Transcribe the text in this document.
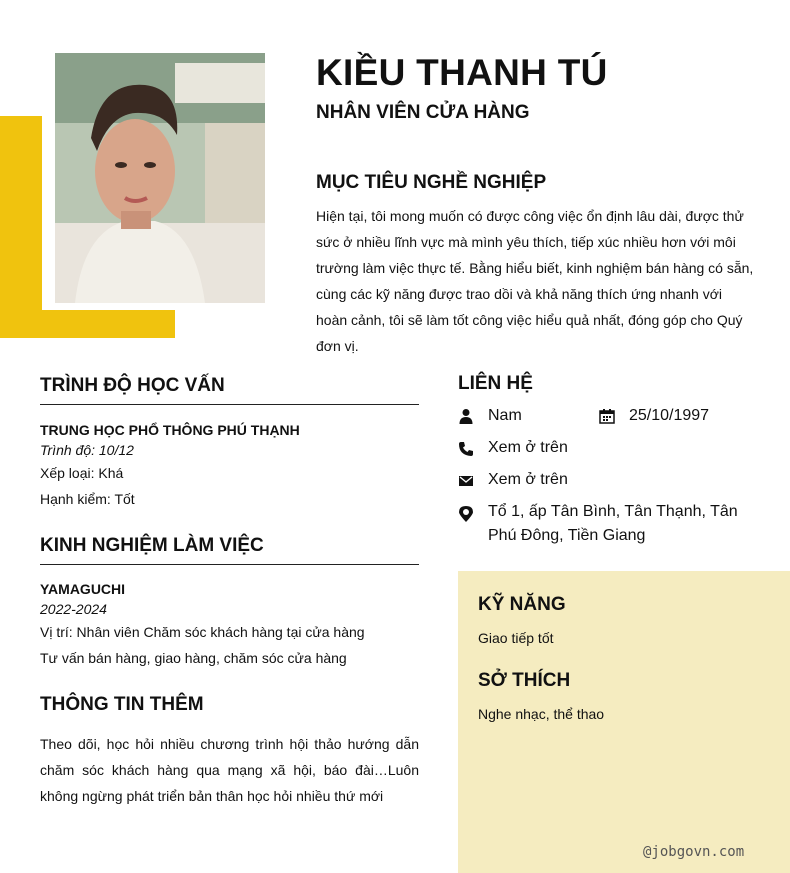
KIỀU THANH TÚ
NHÂN VIÊN CỬA HÀNG
MỤC TIÊU NGHỀ NGHIỆP

Hiện tại, tôi mong muốn có được công việc ổn định lâu dài, được thử sức ở nhiều lĩnh vực mà mình yêu thích, tiếp xúc nhiều hơn với môi trường làm việc thực tế. Bằng hiểu biết, kinh nghiệm bán hàng có sẵn, cùng các kỹ năng được trao dồi và khả năng thích ứng nhanh với hoàn cảnh, tôi sẽ làm tốt công việc hiểu quả nhất, đóng góp cho Quý đơn vị.

TRÌNH ĐỘ HỌC VẤN

TRUNG HỌC PHỔ THÔNG PHÚ THẠNH

Trình độ: 10/12

Xếp loại: Khá

Hạnh kiểm: Tốt

KINH NGHIỆM LÀM VIỆC

YAMAGUCHI

2022-2024

Vị trí: Nhân viên Chăm sóc khách hàng tại cửa hàng

Tư vấn bán hàng, giao hàng, chăm sóc cửa hàng

THÔNG TIN THÊM

Theo dõi, học hỏi nhiều chương trình hội thảo hướng dẫn chăm sóc khách hàng qua mạng xã hội, báo đài…Luôn không ngừng phát triển bản thân học hỏi nhiều thứ mới

LIÊN HỆ
Nam	25/10/1997
Xem ở trên
Xem ở trên
Tổ 1, ấp Tân Bình, Tân Thạnh, Tân Phú Đông, Tiền Giang
KỸ NĂNG

Giao tiếp tốt

SỞ THÍCH

Nghe nhạc, thể thao

@jobgovn.com
